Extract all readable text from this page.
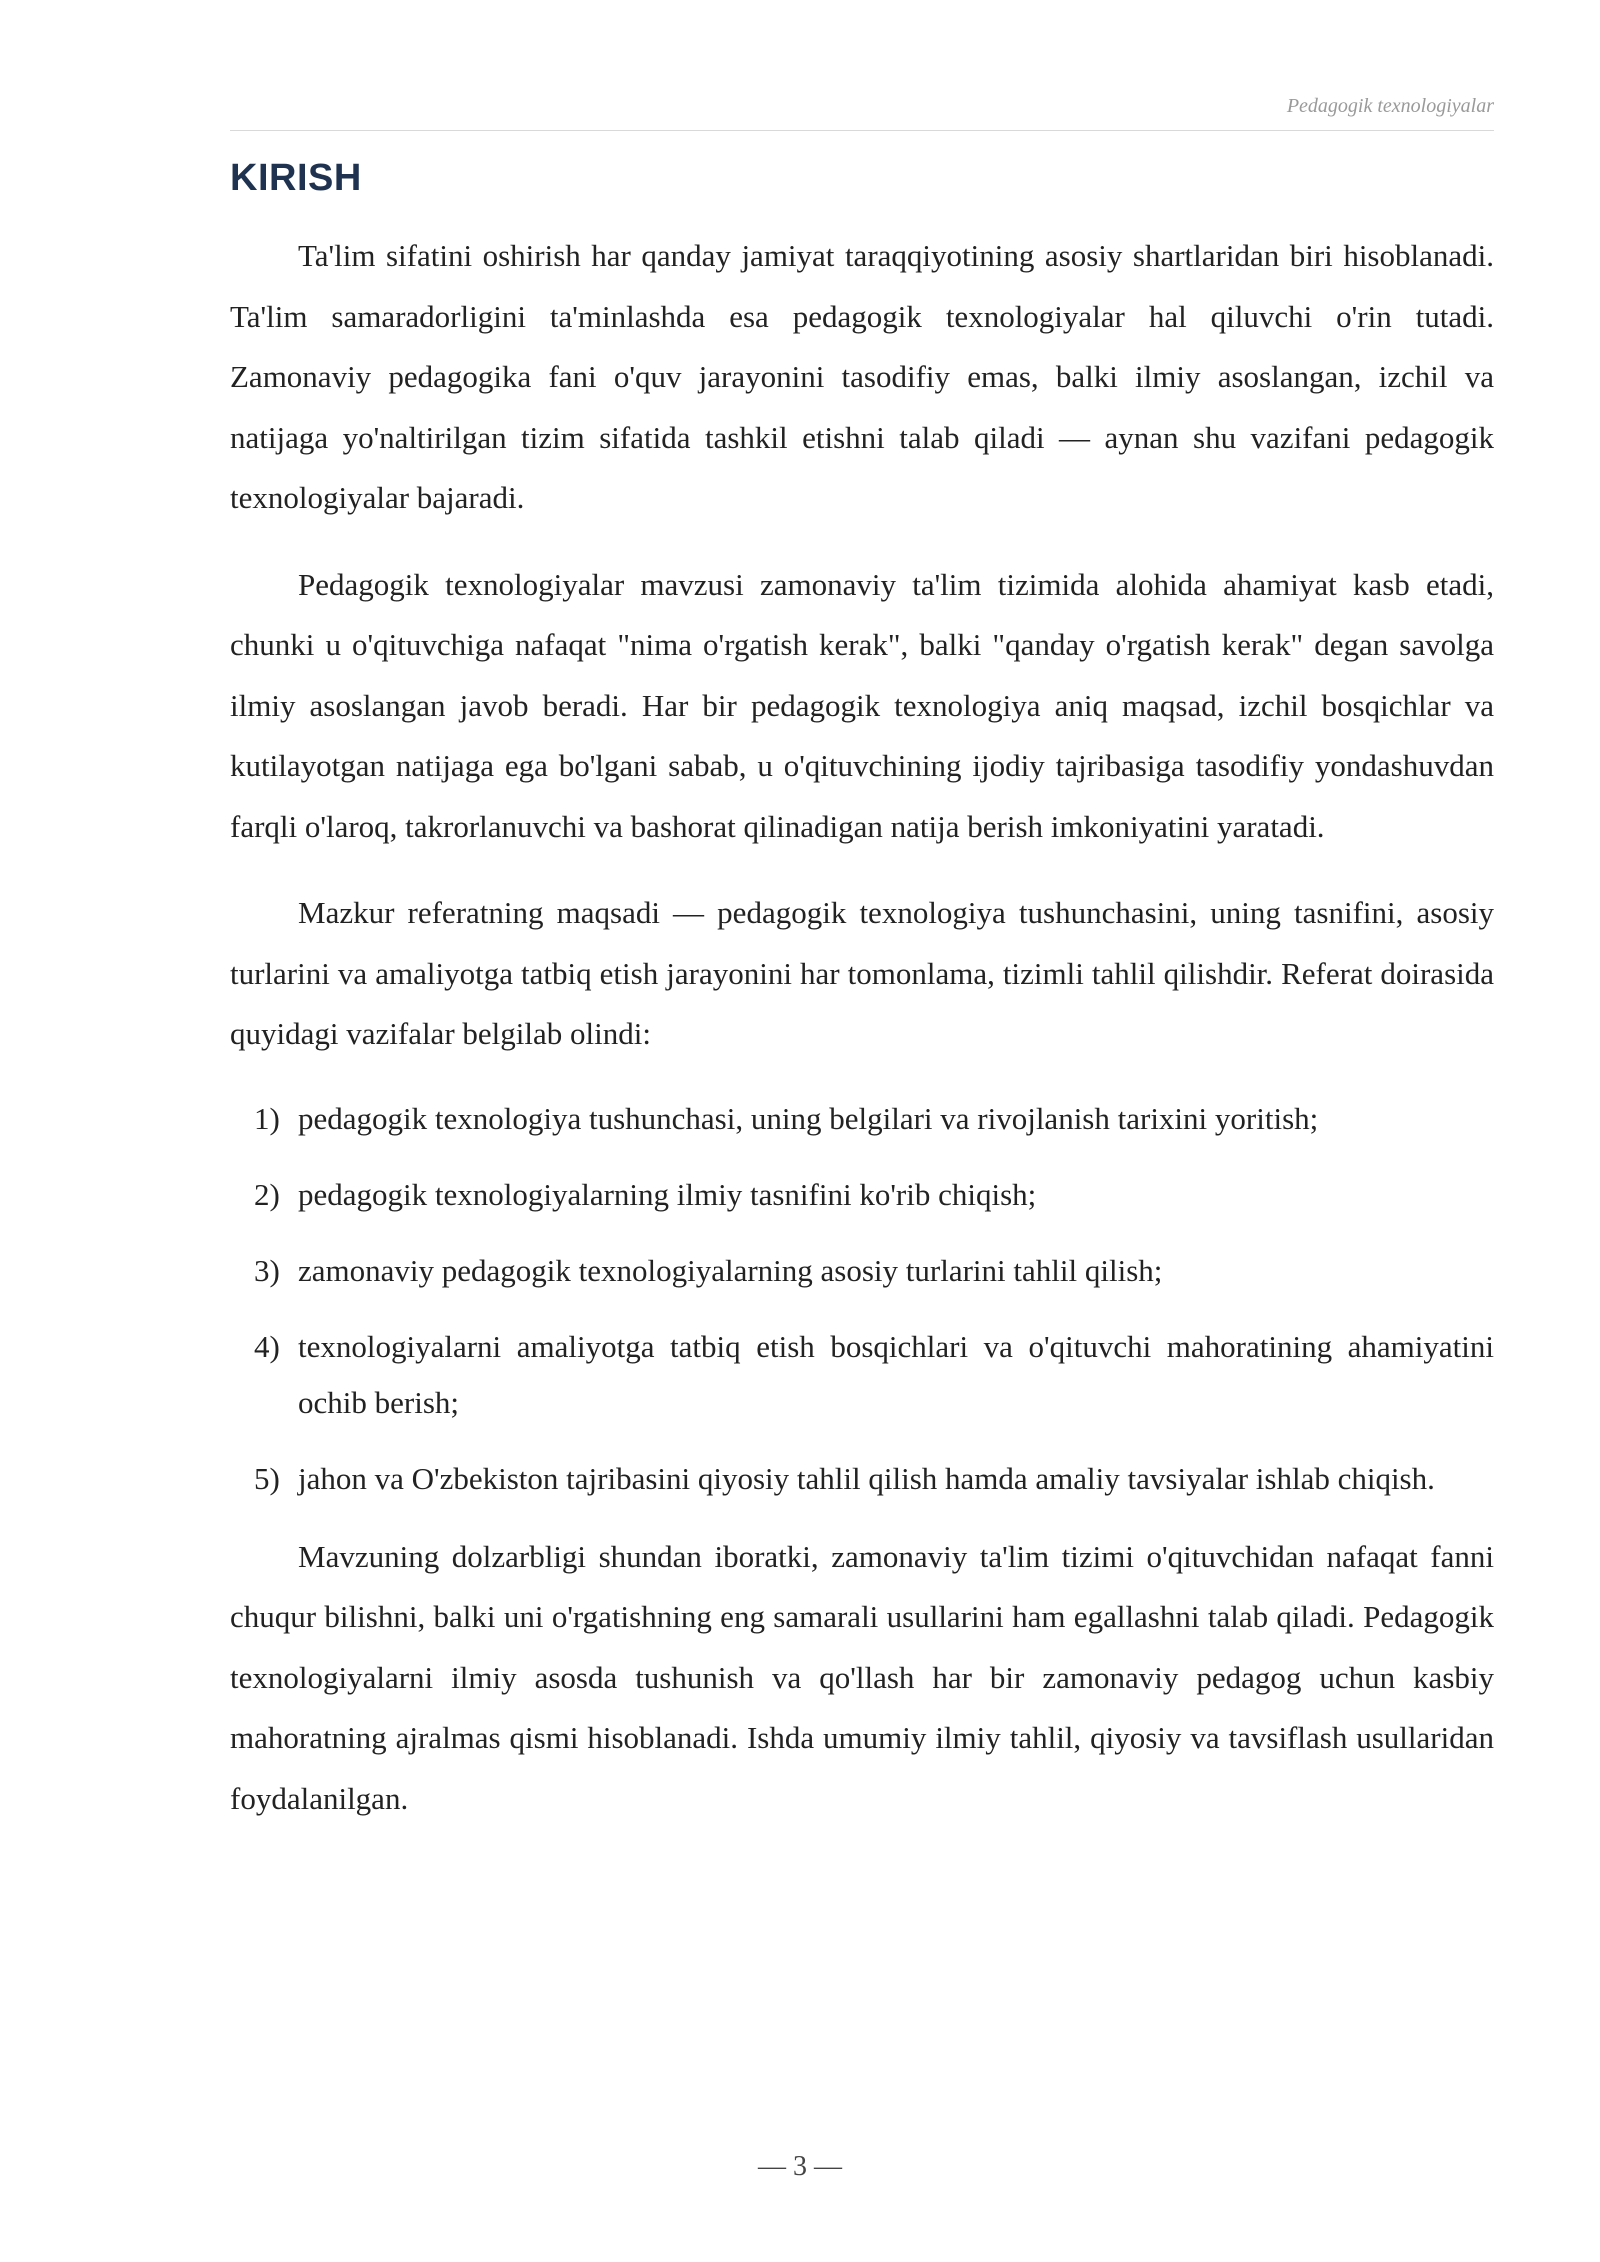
Pedagogik texnologiyalar
KIRISH

Ta'lim sifatini oshirish har qanday jamiyat taraqqiyotining asosiy shartlaridan biri hisoblanadi. Ta'lim samaradorligini ta'minlashda esa pedagogik texnologiyalar hal qiluvchi o'rin tutadi. Zamonaviy pedagogika fani o'quv jarayonini tasodifiy emas, balki ilmiy asoslangan, izchil va natijaga yo'naltirilgan tizim sifatida tashkil etishni talab qiladi — aynan shu vazifani pedagogik texnologiyalar bajaradi.

Pedagogik texnologiyalar mavzusi zamonaviy ta'lim tizimida alohida ahamiyat kasb etadi, chunki u o'qituvchiga nafaqat "nima o'rgatish kerak", balki "qanday o'rgatish kerak" degan savolga ilmiy asoslangan javob beradi. Har bir pedagogik texnologiya aniq maqsad, izchil bosqichlar va kutilayotgan natijaga ega bo'lgani sabab, u o'qituvchining ijodiy tajribasiga tasodifiy yondashuvdan farqli o'laroq, takrorlanuvchi va bashorat qilinadigan natija berish imkoniyatini yaratadi.

Mazkur referatning maqsadi — pedagogik texnologiya tushunchasini, uning tasnifini, asosiy turlarini va amaliyotga tatbiq etish jarayonini har tomonlama, tizimli tahlil qilishdir. Referat doirasida quyidagi vazifalar belgilab olindi:

1) pedagogik texnologiya tushunchasi, uning belgilari va rivojlanish tarixini yoritish;
2) pedagogik texnologiyalarning ilmiy tasnifini ko'rib chiqish;
3) zamonaviy pedagogik texnologiyalarning asosiy turlarini tahlil qilish;
4) texnologiyalarni amaliyotga tatbiq etish bosqichlari va o'qituvchi mahoratining ahamiyatini ochib berish;
5) jahon va O'zbekiston tajribasini qiyosiy tahlil qilish hamda amaliy tavsiyalar ishlab chiqish.

Mavzuning dolzarbligi shundan iboratki, zamonaviy ta'lim tizimi o'qituvchidan nafaqat fanni chuqur bilishni, balki uni o'rgatishning eng samarali usullarini ham egallashni talab qiladi. Pedagogik texnologiyalarni ilmiy asosda tushunish va qo'llash har bir zamonaviy pedagog uchun kasbiy mahoratning ajralmas qismi hisoblanadi. Ishda umumiy ilmiy tahlil, qiyosiy va tavsiflash usullaridan foydalanilgan.

— 3 —
